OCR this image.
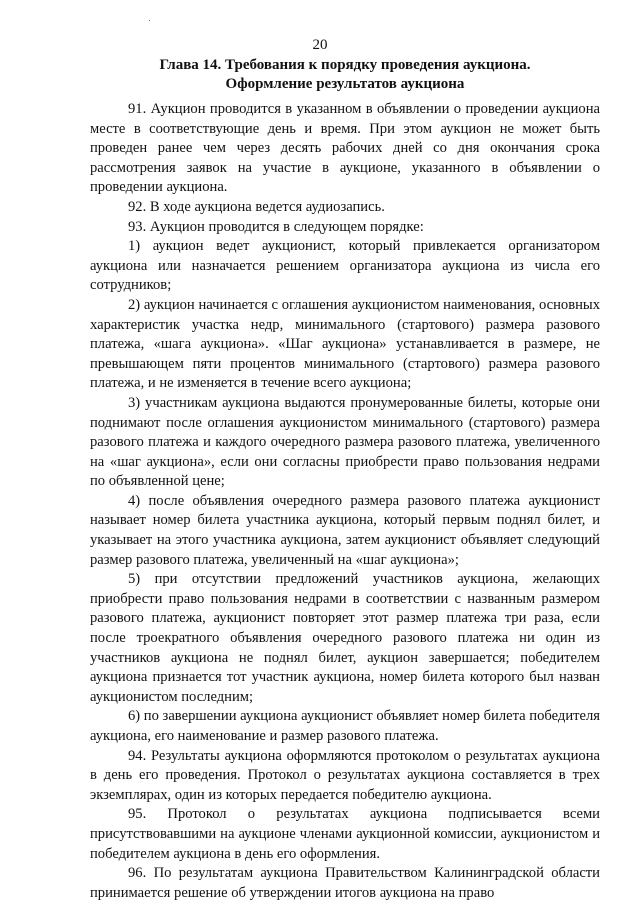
20
Глава 14. Требования к порядку проведения аукциона.
Оформление результатов аукциона

91. Аукцион проводится в указанном в объявлении о проведении аукциона месте в соответствующие день и время. При этом аукцион не может быть проведен ранее чем через десять рабочих дней со дня окончания срока рассмотрения заявок на участие в аукционе, указанного в объявлении о проведении аукциона.

92. В ходе аукциона ведется аудиозапись.

93. Аукцион проводится в следующем порядке:

1) аукцион ведет аукционист, который привлекается организатором аукциона или назначается решением организатора аукциона из числа его сотрудников;

2) аукцион начинается с оглашения аукционистом наименования, основных характеристик участка недр, минимального (стартового) размера разового платежа, «шага аукциона». «Шаг аукциона» устанавливается в размере, не превышающем пяти процентов минимального (стартового) размера разового платежа, и не изменяется в течение всего аукциона;

3) участникам аукциона выдаются пронумерованные билеты, которые они поднимают после оглашения аукционистом минимального (стартового) размера разового платежа и каждого очередного размера разового платежа, увеличенного на «шаг аукциона», если они согласны приобрести право пользования недрами по объявленной цене;

4) после объявления очередного размера разового платежа аукционист называет номер билета участника аукциона, который первым поднял билет, и указывает на этого участника аукциона, затем аукционист объявляет следующий размер разового платежа, увеличенный на «шаг аукциона»;

5) при отсутствии предложений участников аукциона, желающих приобрести право пользования недрами в соответствии с названным размером разового платежа, аукционист повторяет этот размер платежа три раза, если после троекратного объявления очередного разового платежа ни один из участников аукциона не поднял билет, аукцион завершается; победителем аукциона признается тот участник аукциона, номер билета которого был назван аукционистом последним;

6) по завершении аукциона аукционист объявляет номер билета победителя аукциона, его наименование и размер разового платежа.

94. Результаты аукциона оформляются протоколом о результатах аукциона в день его проведения. Протокол о результатах аукциона составляется в трех экземплярах, один из которых передается победителю аукциона.

95. Протокол о результатах аукциона подписывается всеми присутствовавшими на аукционе членами аукционной комиссии, аукционистом и победителем аукциона в день его оформления.

96. По результатам аукциона Правительством Калининградской области принимается решение об утверждении итогов аукциона на право
